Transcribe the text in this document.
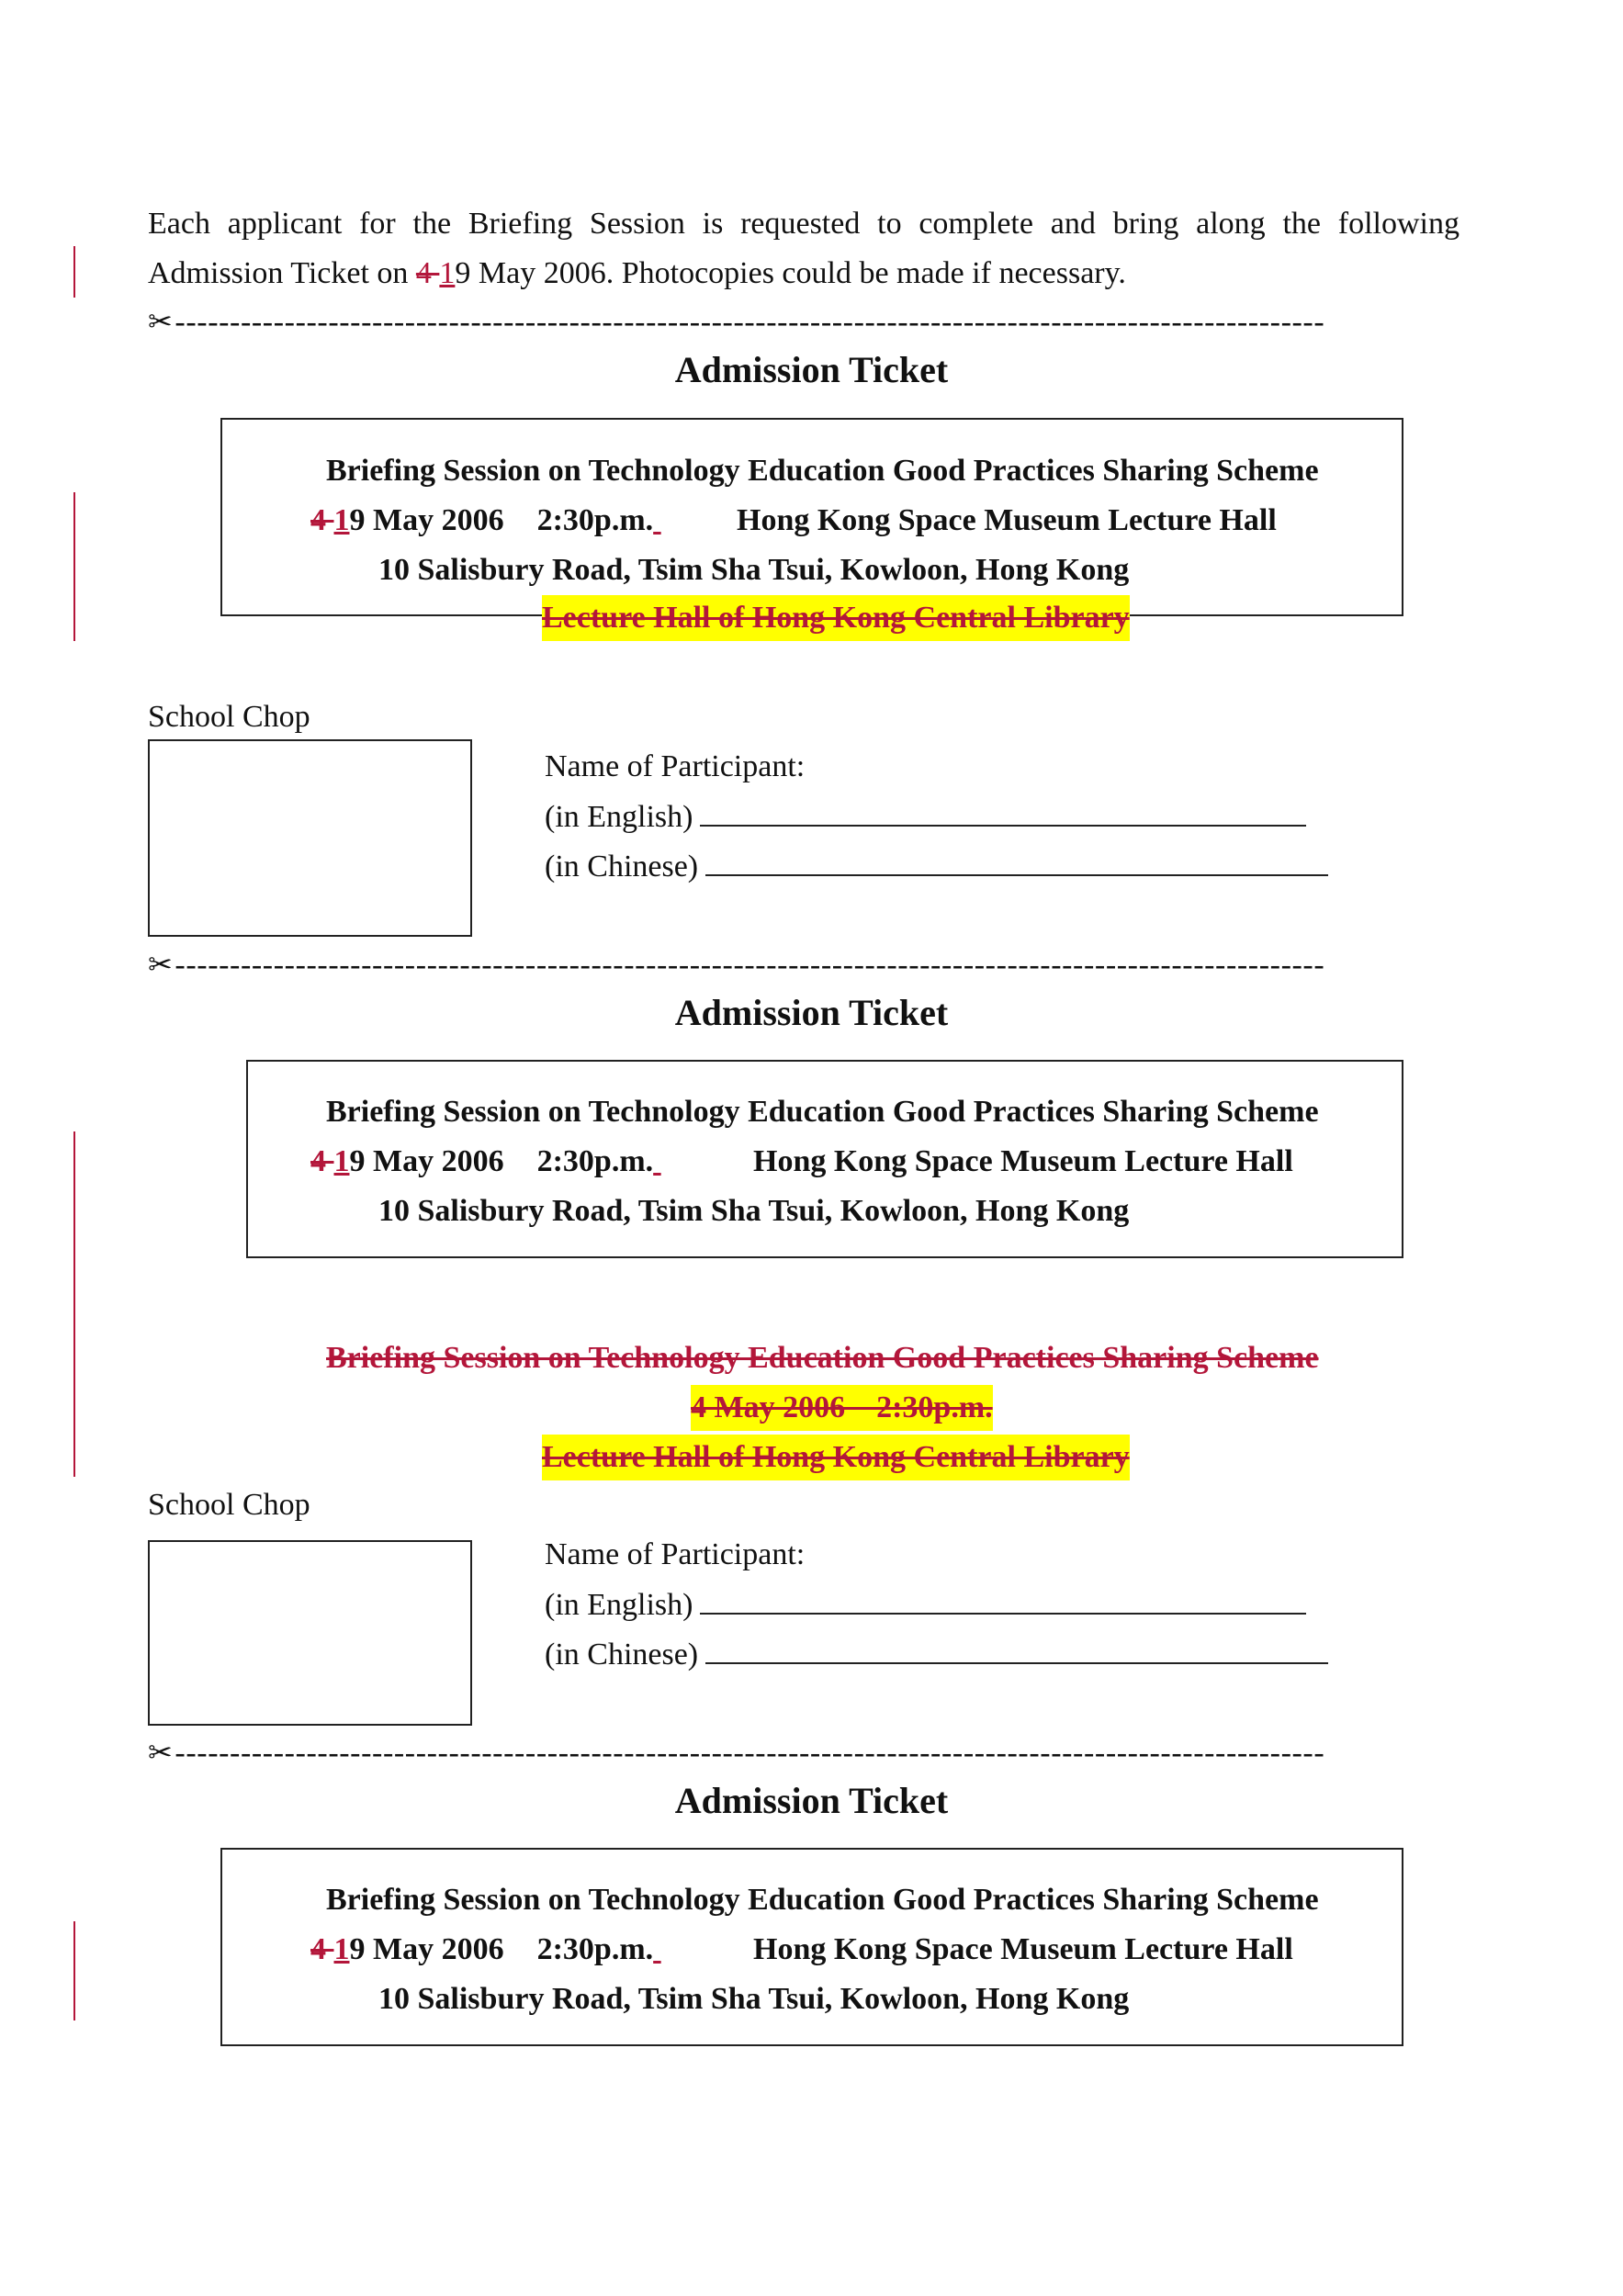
Each applicant for the Briefing Session is requested to complete and bring along the following
Admission Ticket on 4 19 May 2006. Photocopies could be made if necessary.
✂---------------------------------------------------------------------------------------------------------
Admission Ticket
Briefing Session on Technology Education Good Practices Sharing Scheme
4 19 May 2006 2:30p.m.	Hong Kong Space Museum Lecture Hall
10 Salisbury Road, Tsim Sha Tsui, Kowloon, Hong Kong
Lecture Hall of Hong Kong Central Library
School Chop
Name of Participant:
(in English)
(in Chinese)
✂---------------------------------------------------------------------------------------------------------
Admission Ticket
Briefing Session on Technology Education Good Practices Sharing Scheme
4 19 May 2006 2:30p.m.	Hong Kong Space Museum Lecture Hall
10 Salisbury Road, Tsim Sha Tsui, Kowloon, Hong Kong
Briefing Session on Technology Education Good Practices Sharing Scheme
4 May 2006    2:30p.m.
Lecture Hall of Hong Kong Central Library
School Chop
Name of Participant:
(in English)
(in Chinese)
✂---------------------------------------------------------------------------------------------------------
Admission Ticket
Briefing Session on Technology Education Good Practices Sharing Scheme
4 19 May 2006 2:30p.m.	Hong Kong Space Museum Lecture Hall
10 Salisbury Road, Tsim Sha Tsui, Kowloon, Hong Kong
